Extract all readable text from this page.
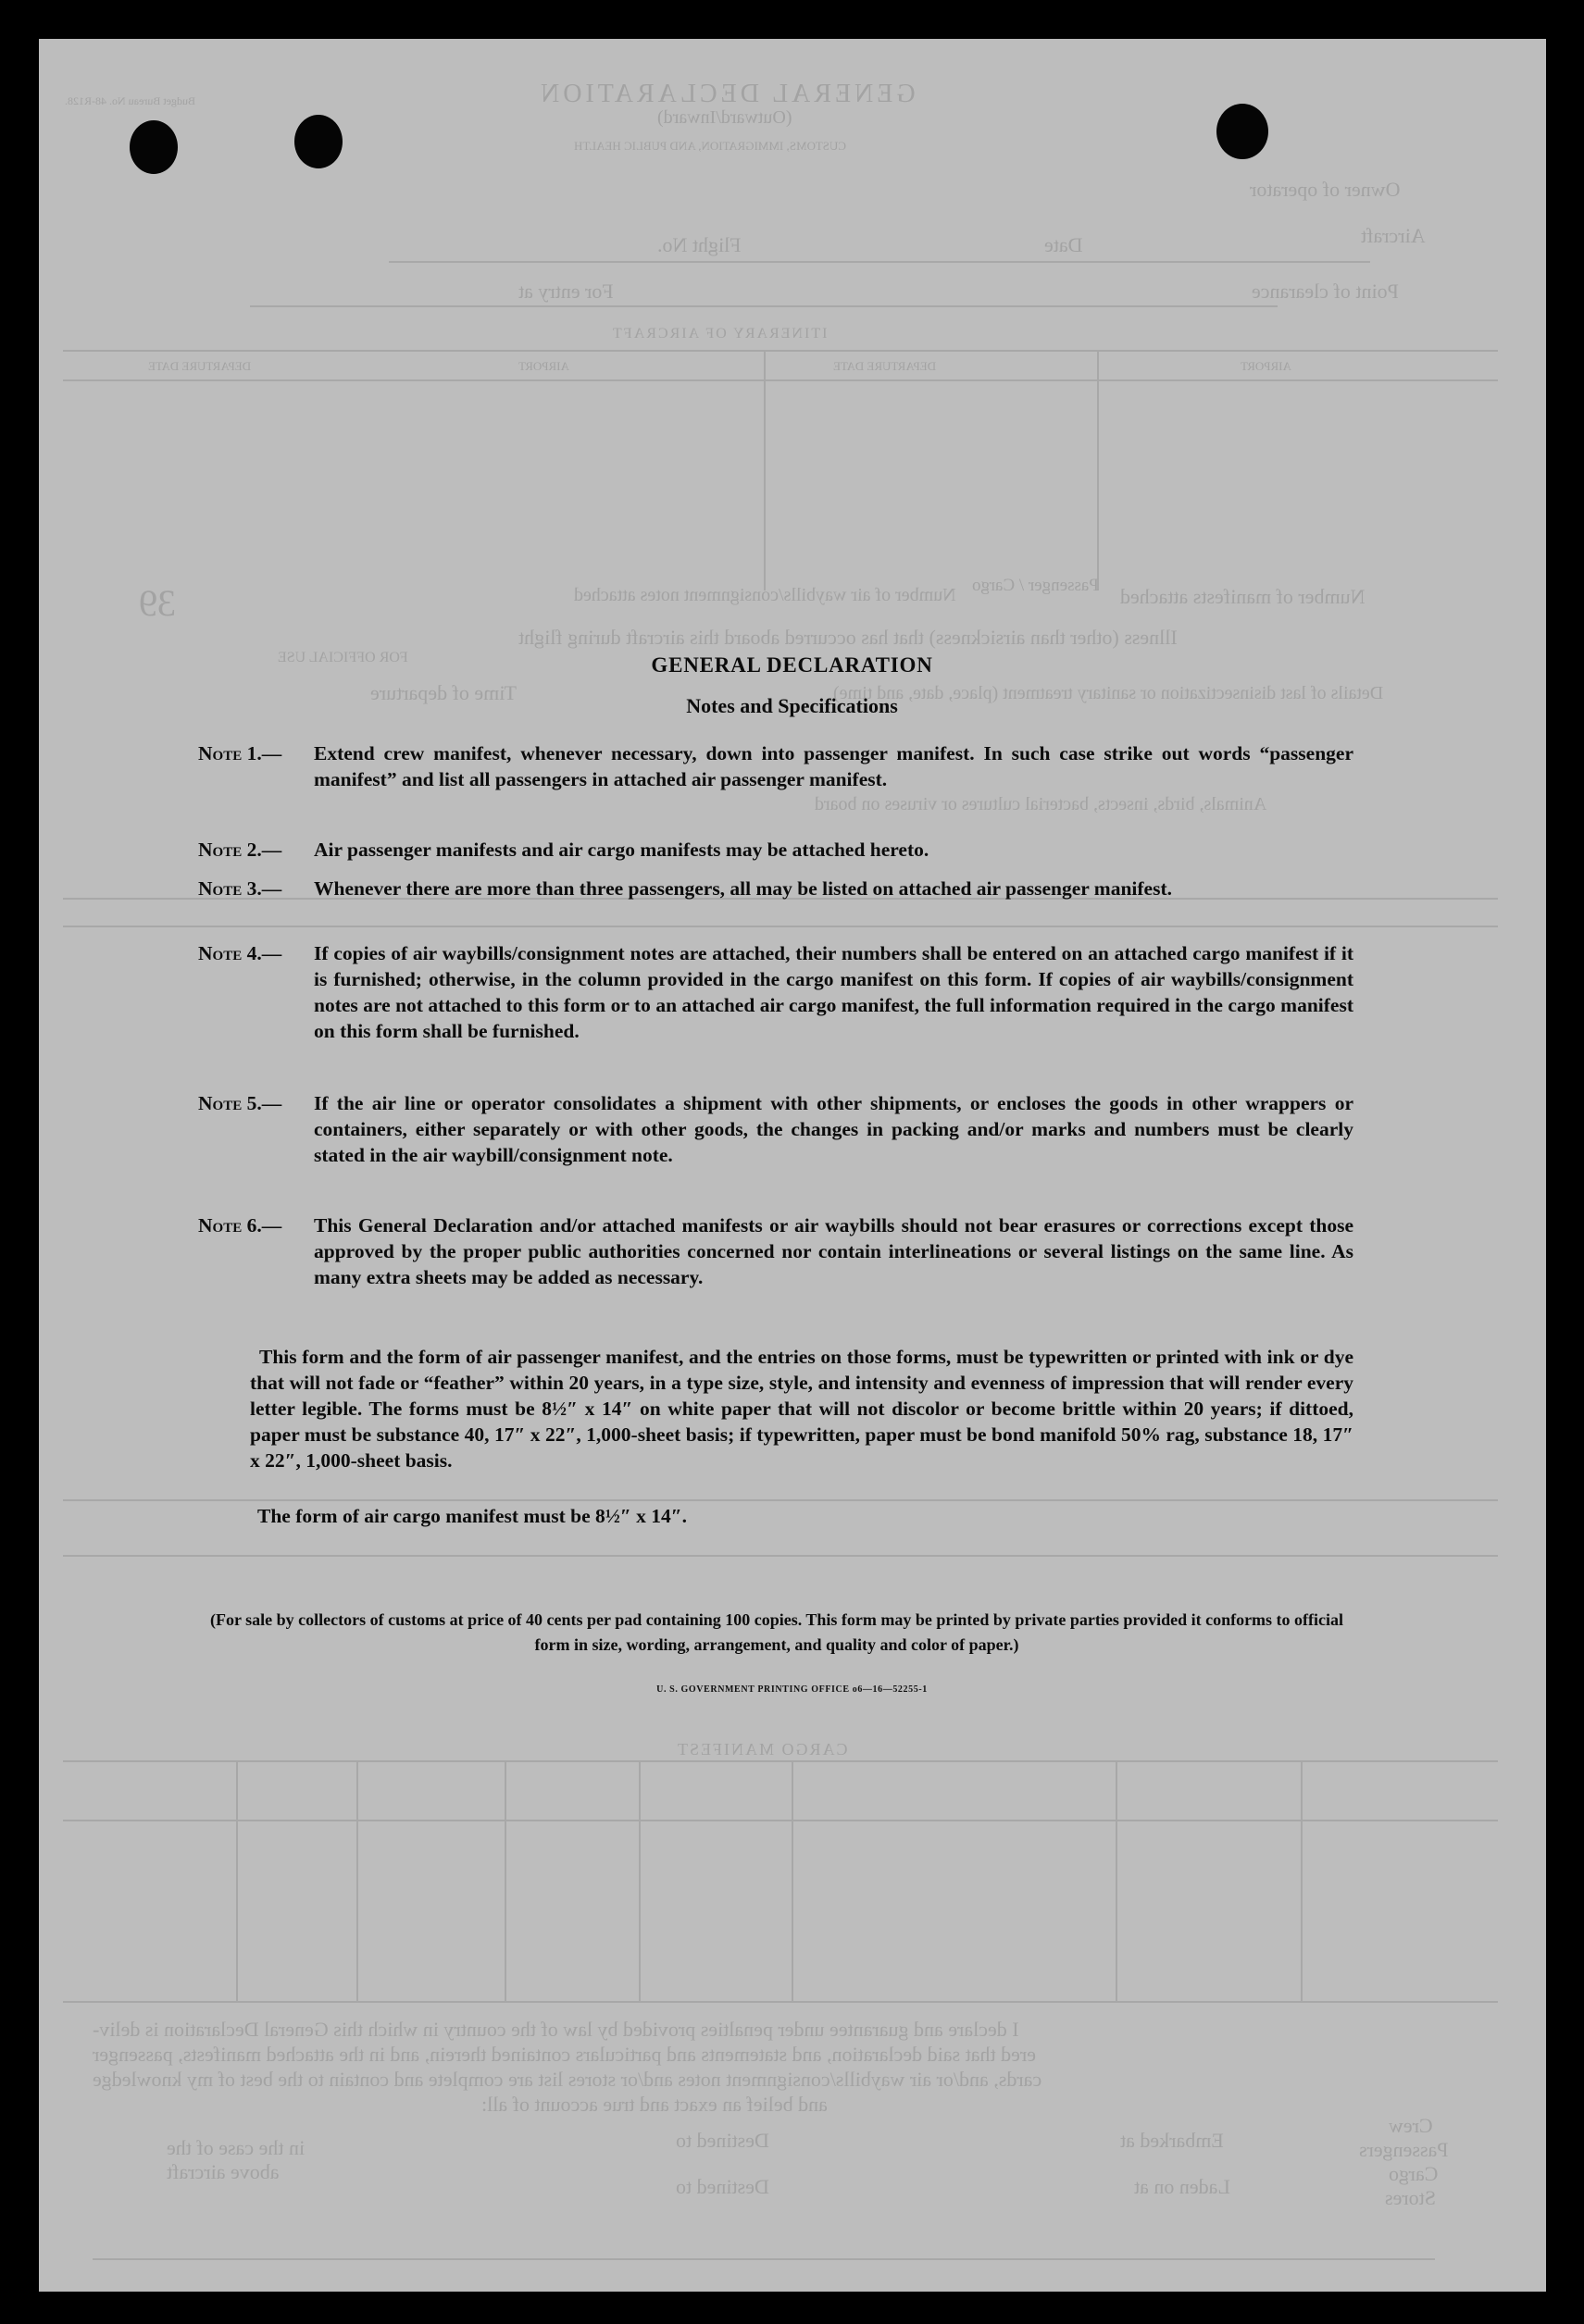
GENERAL DECLARATION
(Outward/Inward)
CUSTOMS, IMMIGRATION, AND PUBLIC HEALTH
Budget Bureau No. 48-R128.
Owner of operator
Aircraft
Flight No.	Date
Point of clearance
For entry at
ITINERARY OF AIRCRAFT
DEPARTURE DATE	AIRPORT	DEPARTURE DATE	AIRPORT
39	Number of manifests attached
Passenger / Cargo
Number of air waybills/consignment notes attached
FOR OFFICIAL USE
Illness (other than airsickness) that has occurred aboard this aircraft during flight
Time of departure	Details of last disinsectization or sanitary treatment (place, date, and time)
Animals, birds, insects, bacterial cultures or viruses on board
CARGO MANIFEST
I declare and guarantee under penalties provided by law of the country in which this General Declaration is deliv-
ered that said declaration, and statements and particulars contained therein, and in the attached manifests, passenger
cards, and/or air waybills/consignment notes and/or stores list are complete and contain to the best of my knowledge
and belief an exact and true account of all:
Crew
Passengers
Cargo
Stores
Embarked at
Laden on at
Destined to
Destined to
in the case of the above aircraft
GENERAL DECLARATION
Notes and Specifications
Note 1.—	Extend crew manifest, whenever necessary, down into passenger manifest. In such case strike out words “passenger manifest” and list all passengers in attached air passenger manifest.
Note 2.—	Air passenger manifests and air cargo manifests may be attached hereto.
Note 3.—	Whenever there are more than three passengers, all may be listed on attached air passenger manifest.
Note 4.—	If copies of air waybills/consignment notes are attached, their numbers shall be entered on an attached cargo manifest if it is furnished; otherwise, in the column provided in the cargo manifest on this form. If copies of air waybills/consignment notes are not attached to this form or to an attached air cargo manifest, the full information required in the cargo manifest on this form shall be furnished.
Note 5.—	If the air line or operator consolidates a shipment with other shipments, or encloses the goods in other wrappers or containers, either separately or with other goods, the changes in packing and/or marks and numbers must be clearly stated in the air waybill/consignment note.
Note 6.—	This General Declaration and/or attached manifests or air waybills should not bear erasures or corrections except those approved by the proper public authorities concerned nor contain interlineations or several listings on the same line. As many extra sheets may be added as necessary.
This form and the form of air passenger manifest, and the entries on those forms, must be typewritten or printed with ink or dye that will not fade or “feather” within 20 years, in a type size, style, and intensity and evenness of impression that will render every letter legible. The forms must be 8½″ x 14″ on white paper that will not discolor or become brittle within 20 years; if dittoed, paper must be substance 40, 17″ x 22″, 1,000-sheet basis; if typewritten, paper must be bond manifold 50% rag, substance 18, 17″ x 22″, 1,000-sheet basis.
The form of air cargo manifest must be 8½″ x 14″.
(For sale by collectors of customs at price of 40 cents per pad containing 100 copies. This form may be printed by private parties provided it conforms to official form in size, wording, arrangement, and quality and color of paper.)
U. S. GOVERNMENT PRINTING OFFICE o6—16—52255-1
